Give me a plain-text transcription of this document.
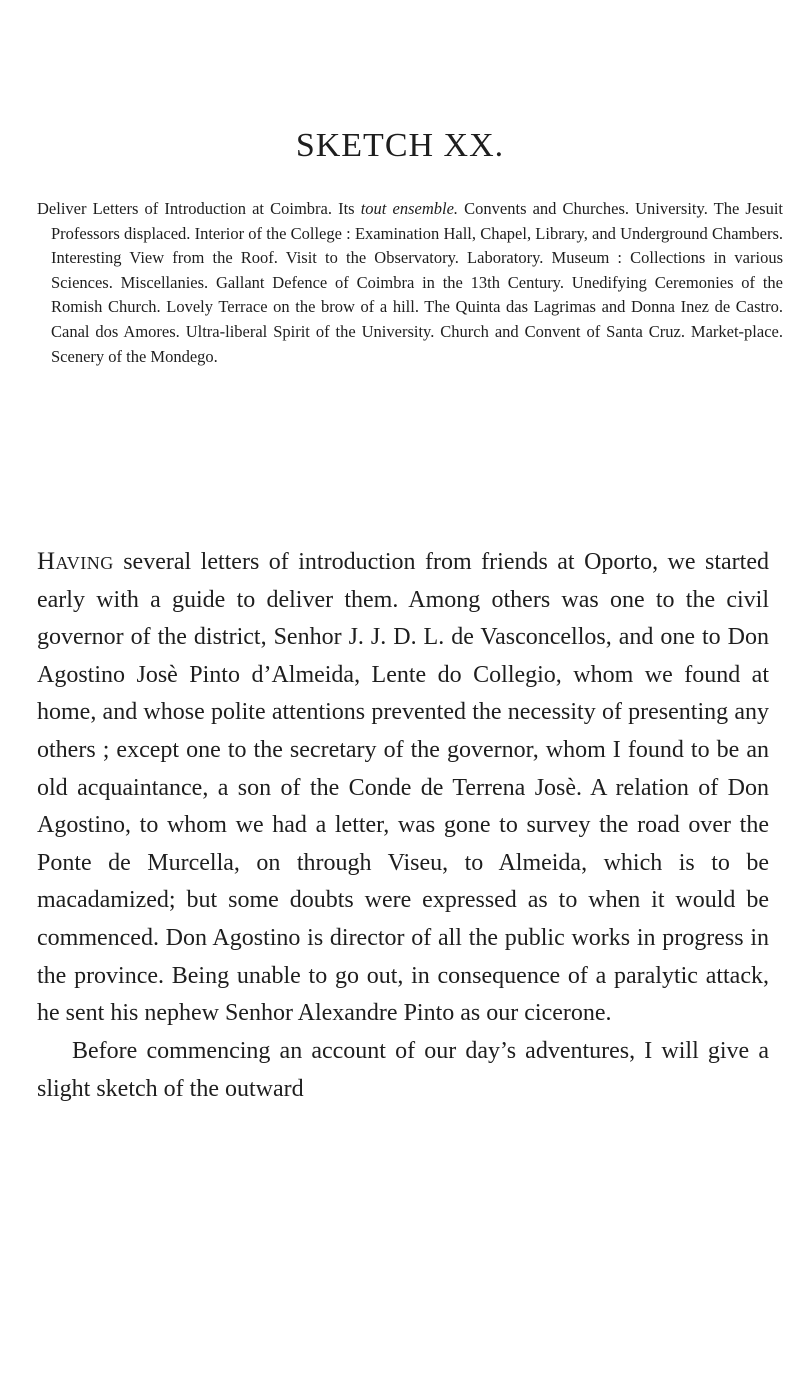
SKETCH XX.

Deliver Letters of Introduction at Coimbra. Its tout ensemble. Convents and Churches. University. The Jesuit Professors displaced. Interior of the College : Examination Hall, Chapel, Library, and Underground Chambers. Interesting View from the Roof. Visit to the Observatory. Laboratory. Museum : Collections in various Sciences. Miscellanies. Gallant Defence of Coimbra in the 13th Century. Unedifying Ceremonies of the Romish Church. Lovely Terrace on the brow of a hill. The Quinta das Lagrimas and Donna Inez de Castro. Canal dos Amores. Ultra-liberal Spirit of the University. Church and Convent of Santa Cruz. Market-place. Scenery of the Mondego.

Having several letters of introduction from friends at Oporto, we started early with a guide to deliver them. Among others was one to the civil governor of the district, Senhor J. J. D. L. de Vasconcellos, and one to Don Agostino Josè Pinto d’Almeida, Lente do Collegio, whom we found at home, and whose polite attentions prevented the necessity of presenting any others ; except one to the secretary of the governor, whom I found to be an old acquaintance, a son of the Conde de Terrena Josè. A relation of Don Agostino, to whom we had a letter, was gone to survey the road over the Ponte de Murcella, on through Viseu, to Almeida, which is to be macadamized; but some doubts were expressed as to when it would be commenced. Don Agostino is director of all the public works in progress in the province. Being unable to go out, in consequence of a paralytic attack, he sent his nephew Senhor Alexandre Pinto as our cicerone.

Before commencing an account of our day’s adventures, I will give a slight sketch of the outward
